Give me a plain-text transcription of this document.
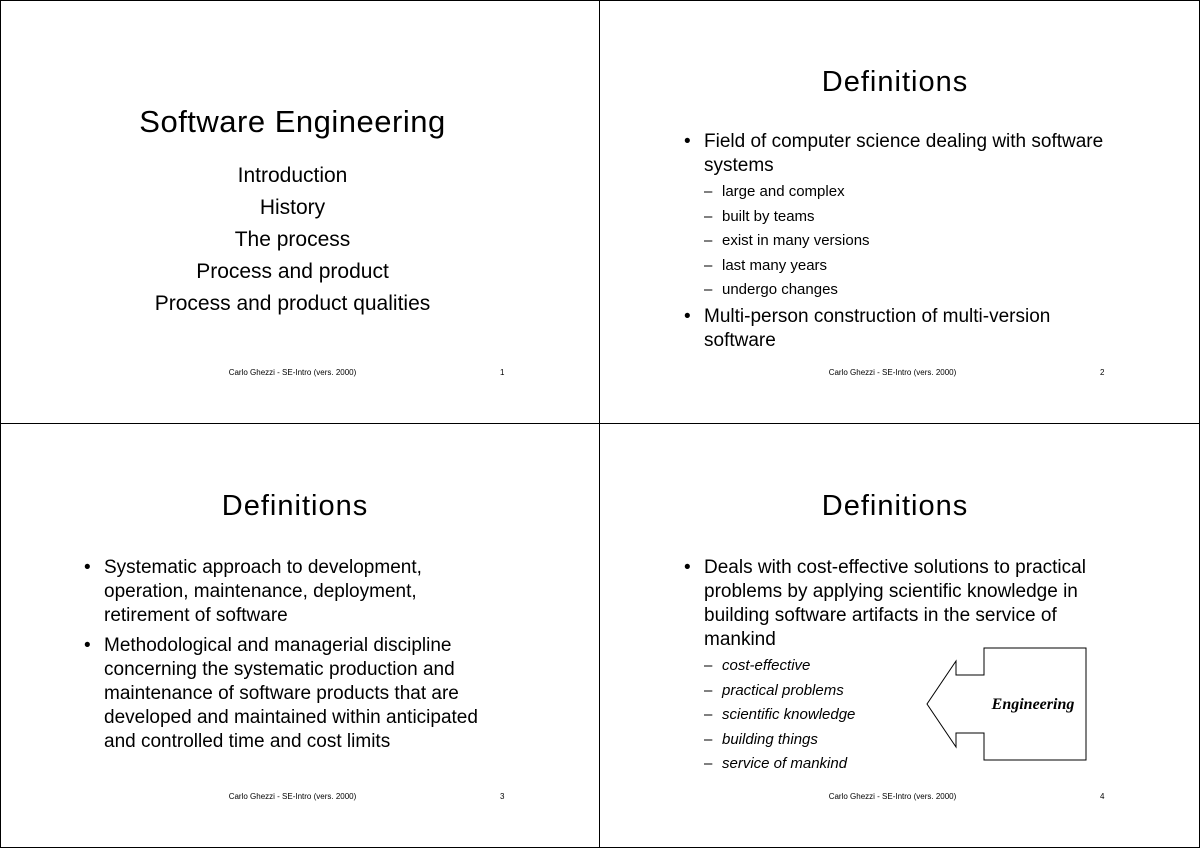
Software Engineering
Introduction
History
The process
Process and product
Process and product qualities
Carlo Ghezzi - SE-Intro (vers. 2000)	1
Definitions
• Field of computer science dealing with software systems
– large and complex
– built by teams
– exist in many versions
– last many years
– undergo changes
• Multi-person construction of multi-version software
Carlo Ghezzi - SE-Intro (vers. 2000)	2
Definitions
• Systematic approach to development, operation, maintenance, deployment, retirement of software
• Methodological and managerial discipline concerning the systematic production and maintenance of software products that are developed and maintained within anticipated and controlled time and cost limits
Carlo Ghezzi - SE-Intro (vers. 2000)	3
Definitions
• Deals with cost-effective solutions to practical problems by applying scientific knowledge in building software artifacts in the service of mankind
– cost-effective
– practical problems
– scientific knowledge
– building things
– service of mankind
Engineering
Carlo Ghezzi - SE-Intro (vers. 2000)	4
